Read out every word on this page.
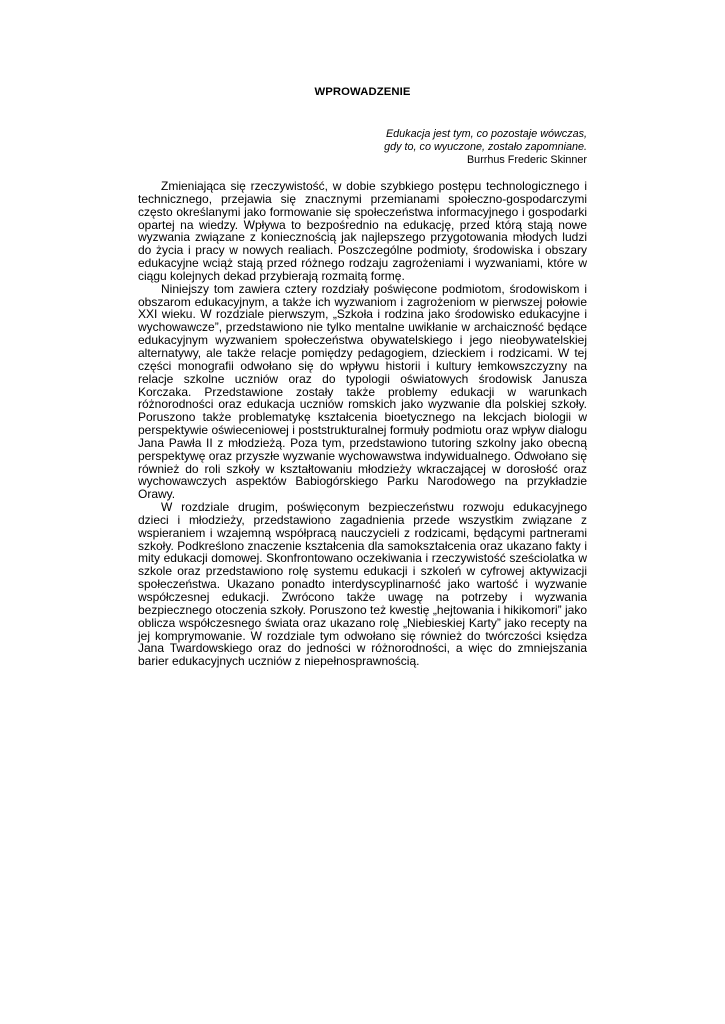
WPROWADZENIE
Edukacja jest tym, co pozostaje wówczas,
gdy to, co wyuczone, zostało zapomniane.
Burrhus Frederic Skinner

Zmieniająca się rzeczywistość, w dobie szybkiego postępu technologicznego i technicznego, przejawia się znacznymi przemianami społeczno-gospodarczymi często określanymi jako formowanie się społeczeństwa informacyjnego i gospodarki opartej na wiedzy. Wpływa to bezpośrednio na edukację, przed którą stają nowe wyzwania związane z koniecznością jak najlepszego przygotowania młodych ludzi do życia i pracy w nowych realiach. Poszczególne podmioty, środowiska i obszary edukacyjne wciąż stają przed różnego rodzaju zagrożeniami i wyzwaniami, które w ciągu kolejnych dekad przybierają rozmaitą formę.

Niniejszy tom zawiera cztery rozdziały poświęcone podmiotom, środowiskom i obszarom edukacyjnym, a także ich wyzwaniom i zagrożeniom w pierwszej połowie XXI wieku. W rozdziale pierwszym, „Szkoła i rodzina jako środowisko edukacyjne i wychowawcze”, przedstawiono nie tylko mentalne uwikłanie w archaiczność będące edukacyjnym wyzwaniem społeczeństwa obywatelskiego i jego nieobywatelskiej alternatywy, ale także relacje pomiędzy pedagogiem, dzieckiem i rodzicami. W tej części monografii odwołano się do wpływu historii i kultury łemkowszczyzny na relacje szkolne uczniów oraz do typologii oświatowych środowisk Janusza Korczaka. Przedstawione zostały także problemy edukacji w warunkach różnorodności oraz edukacja uczniów romskich jako wyzwanie dla polskiej szkoły. Poruszono także problematykę kształcenia bioetycznego na lekcjach biologii w perspektywie oświeceniowej i poststrukturalnej formuły podmiotu oraz wpływ dialogu Jana Pawła II z młodzieżą. Poza tym, przedstawiono tutoring szkolny jako obecną perspektywę oraz przyszłe wyzwanie wychowawstwa indywidualnego. Odwołano się również do roli szkoły w kształtowaniu młodzieży wkraczającej w dorosłość oraz wychowawczych aspektów Babiogórskiego Parku Narodowego na przykładzie Orawy.

W rozdziale drugim, poświęconym bezpieczeństwu rozwoju edukacyjnego dzieci i młodzieży, przedstawiono zagadnienia przede wszystkim związane z wspieraniem i wzajemną współpracą nauczycieli z rodzicami, będącymi partnerami szkoły. Podkreślono znaczenie kształcenia dla samokształcenia oraz ukazano fakty i mity edukacji domowej. Skonfrontowano oczekiwania i rzeczywistość sześciolatka w szkole oraz przedstawiono rolę systemu edukacji i szkoleń w cyfrowej aktywizacji społeczeństwa. Ukazano ponadto interdyscyplinarność jako wartość i wyzwanie współczesnej edukacji. Zwrócono także uwagę na potrzeby i wyzwania bezpiecznego otoczenia szkoły. Poruszono też kwestię „hejtowania i hikikomori” jako oblicza współczesnego świata oraz ukazano rolę „Niebieskiej Karty” jako recepty na jej komprymowanie. W rozdziale tym odwołano się również do twórczości księdza Jana Twardowskiego oraz do jedności w różnorodności, a więc do zmniejszania barier edukacyjnych uczniów z niepełnosprawnością.
